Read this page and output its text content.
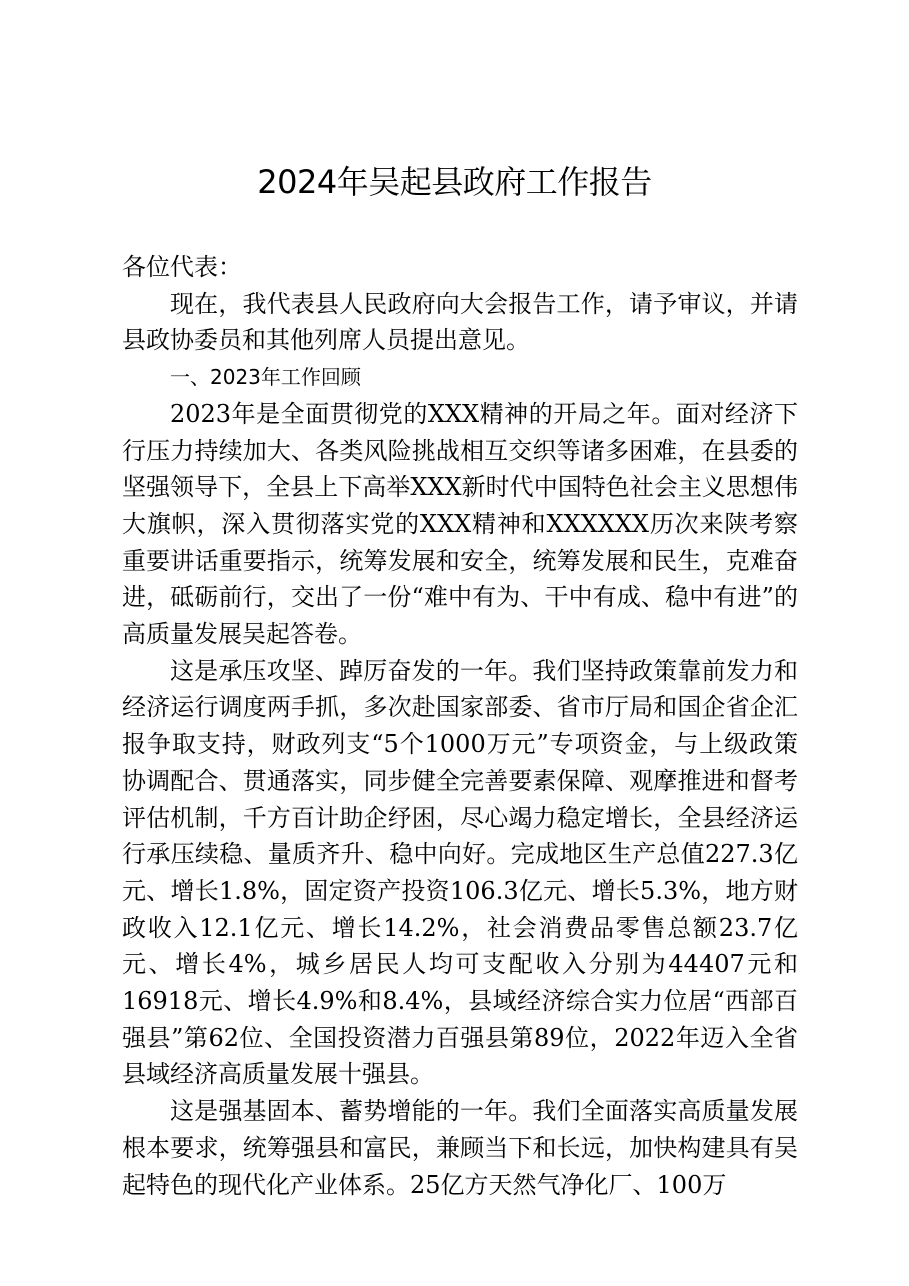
2024年吴起县政府工作报告

各位代表：

现在，我代表县人民政府向大会报告工作，请予审议，并请县政协委员和其他列席人员提出意见。

一、2023年工作回顾

2023年是全面贯彻党的XXX精神的开局之年。面对经济下行压力持续加大、各类风险挑战相互交织等诸多困难，在县委的坚强领导下，全县上下高举XXX新时代中国特色社会主义思想伟大旗帜，深入贯彻落实党的XXX精神和XXXXXX历次来陕考察重要讲话重要指示，统筹发展和安全，统筹发展和民生，克难奋进，砥砺前行，交出了一份“难中有为、干中有成、稳中有进”的高质量发展吴起答卷。

这是承压攻坚、踔厉奋发的一年。我们坚持政策靠前发力和经济运行调度两手抓，多次赴国家部委、省市厅局和国企省企汇报争取支持，财政列支“5个1000万元”专项资金，与上级政策协调配合、贯通落实，同步健全完善要素保障、观摩推进和督考评估机制，千方百计助企纾困，尽心竭力稳定增长，全县经济运行承压续稳、量质齐升、稳中向好。完成地区生产总值227.3亿元、增长1.8%，固定资产投资106.3亿元、增长5.3%，地方财政收入12.1亿元、增长14.2%，社会消费品零售总额23.7亿元、增长4%，城乡居民人均可支配收入分别为44407元和16918元、增长4.9%和8.4%，县域经济综合实力位居“西部百强县”第62位、全国投资潜力百强县第89位，2022年迈入全省县域经济高质量发展十强县。

这是强基固本、蓄势增能的一年。我们全面落实高质量发展根本要求，统筹强县和富民，兼顾当下和长远，加快构建具有吴起特色的现代化产业体系。25亿方天然气净化厂、100万
